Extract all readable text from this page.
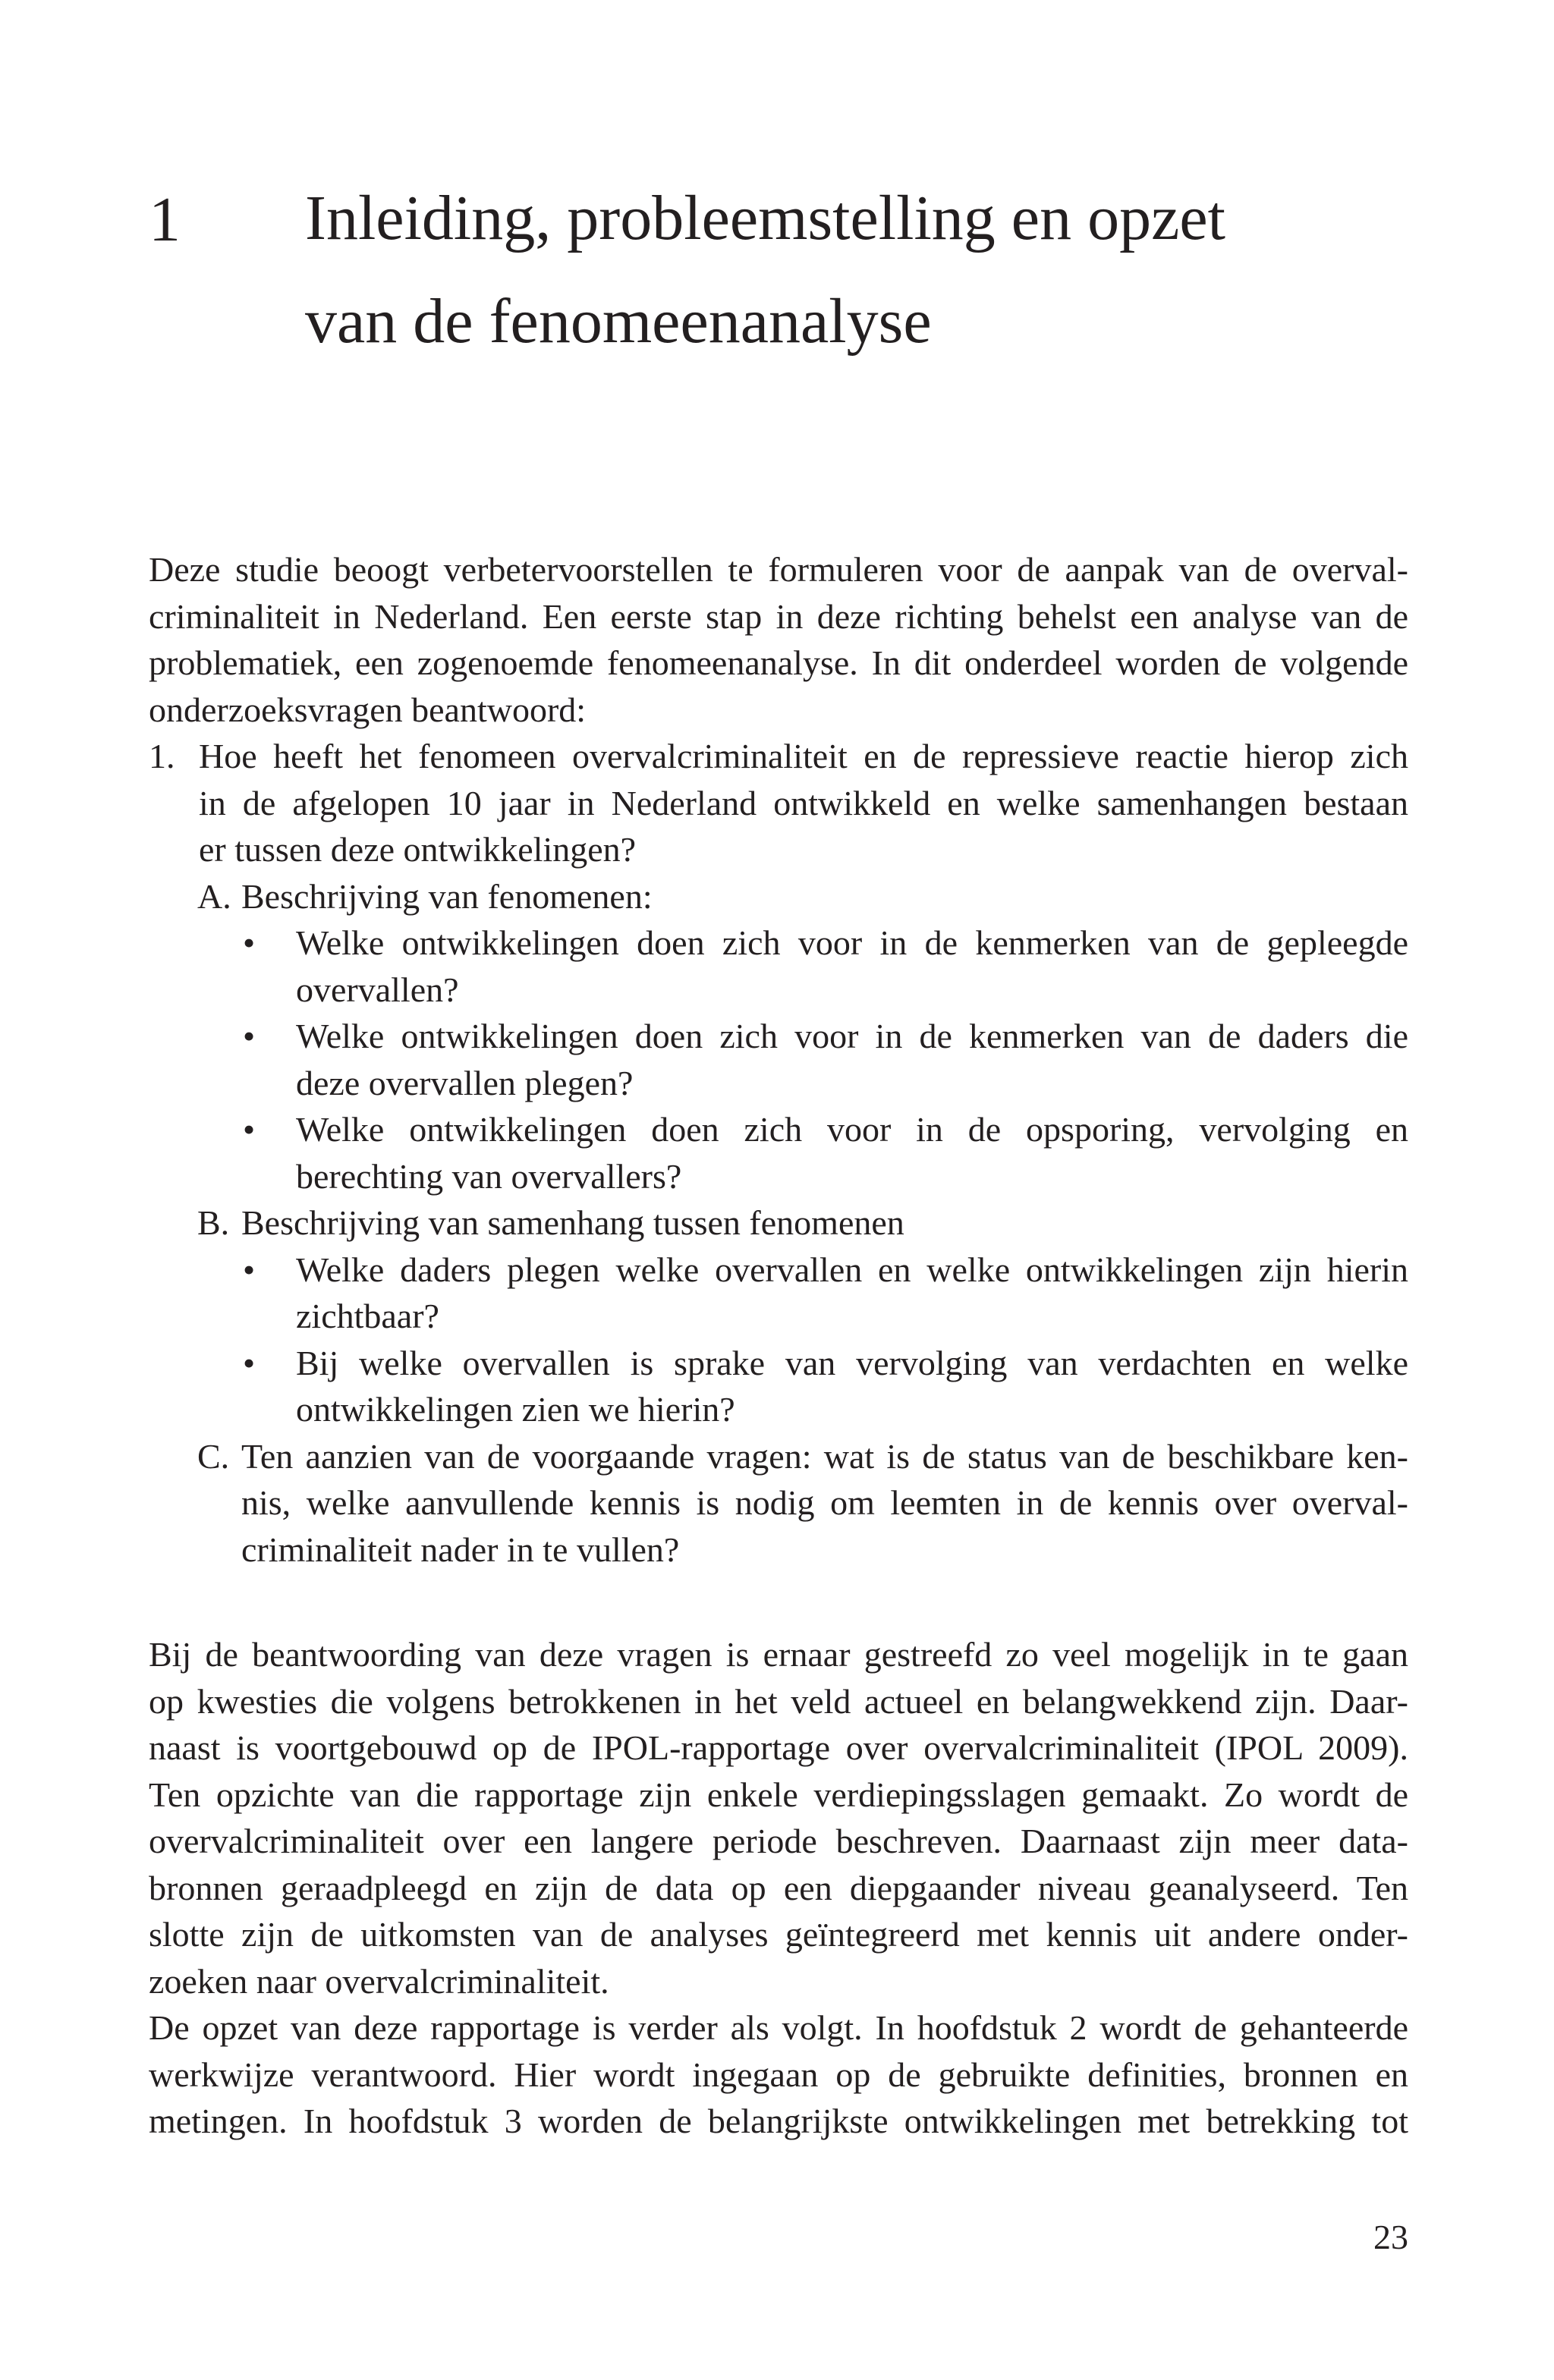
1 Inleiding, probleemstelling en opzet
van de fenomeenanalyse
Deze studie beoogt verbetervoorstellen te formuleren voor de aanpak van de overval-
criminaliteit in Nederland. Een eerste stap in deze richting behelst een analyse van de
problematiek, een zogenoemde fenomeenanalyse. In dit onderdeel worden de volgende
onderzoeksvragen beantwoord:
1. Hoe heeft het fenomeen overvalcriminaliteit en de repressieve reactie hierop zich
in de afgelopen 10 jaar in Nederland ontwikkeld en welke samenhangen bestaan
er tussen deze ontwikkelingen?
A. Beschrijving van fenomenen:
• Welke ontwikkelingen doen zich voor in de kenmerken van de gepleegde
overvallen?
• Welke ontwikkelingen doen zich voor in de kenmerken van de daders die
deze overvallen plegen?
• Welke ontwikkelingen doen zich voor in de opsporing, vervolging en
berechting van overvallers?
B. Beschrijving van samenhang tussen fenomenen
• Welke daders plegen welke overvallen en welke ontwikkelingen zijn hierin
zichtbaar?
• Bij welke overvallen is sprake van vervolging van verdachten en welke
ontwikkelingen zien we hierin?
C. Ten aanzien van de voorgaande vragen: wat is de status van de beschikbare ken-
nis, welke aanvullende kennis is nodig om leemten in de kennis over overval-
criminaliteit nader in te vullen?
Bij de beantwoording van deze vragen is ernaar gestreefd zo veel mogelijk in te gaan
op kwesties die volgens betrokkenen in het veld actueel en belangwekkend zijn. Daar-
naast is voortgebouwd op de IPOL-rapportage over overvalcriminaliteit (IPOL 2009).
Ten opzichte van die rapportage zijn enkele verdiepingsslagen gemaakt. Zo wordt de
overvalcriminaliteit over een langere periode beschreven. Daarnaast zijn meer data-
bronnen geraadpleegd en zijn de data op een diepgaander niveau geanalyseerd. Ten
slotte zijn de uitkomsten van de analyses geïntegreerd met kennis uit andere onder-
zoeken naar overvalcriminaliteit.
De opzet van deze rapportage is verder als volgt. In hoofdstuk 2 wordt de gehanteerde
werkwijze verantwoord. Hier wordt ingegaan op de gebruikte definities, bronnen en
metingen. In hoofdstuk 3 worden de belangrijkste ontwikkelingen met betrekking tot
23
